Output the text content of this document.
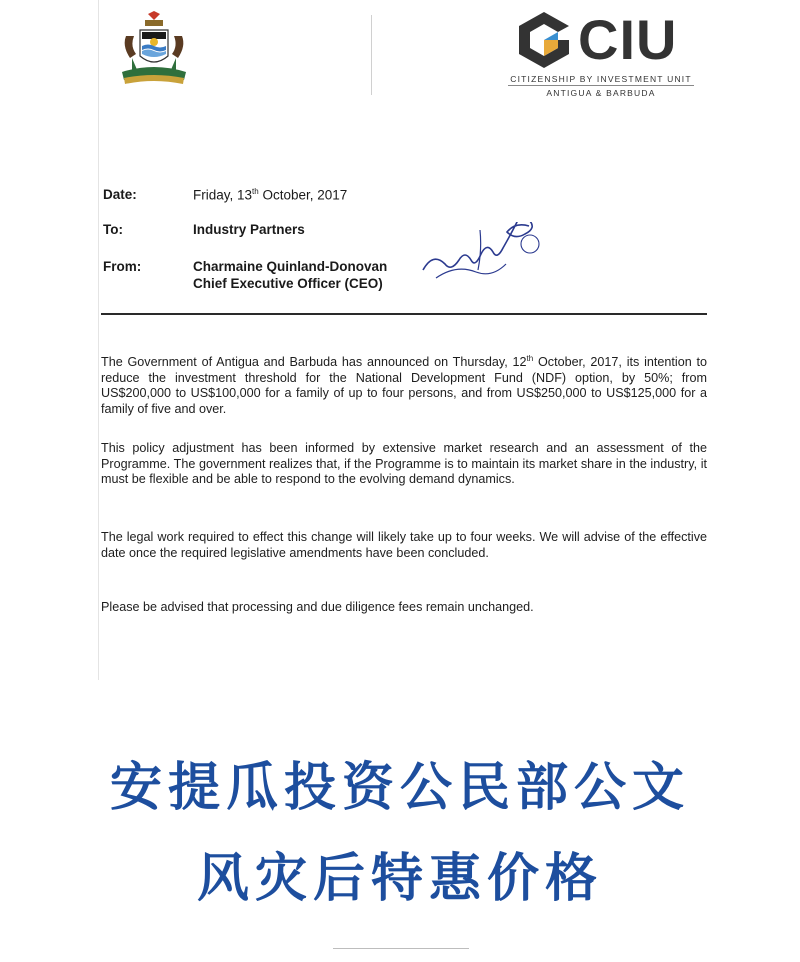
CIU
CITIZENSHIP BY INVESTMENT UNIT
ANTIGUA & BARBUDA
Date:	Friday, 13th October, 2017
To:	Industry Partners
From:	Charmaine Quinland-Donovan
Chief Executive Officer (CEO)
The Government of Antigua and Barbuda has announced on Thursday, 12th October, 2017, its intention to reduce the investment threshold for the National Development Fund (NDF) option, by 50%; from US$200,000 to US$100,000 for a family of up to four persons, and from US$250,000 to US$125,000 for a family of five and over.
This policy adjustment has been informed by extensive market research and an assessment of the Programme. The government realizes that, if the Programme is to maintain its market share in the industry, it must be flexible and be able to respond to the evolving demand dynamics.
The legal work required to effect this change will likely take up to four weeks. We will advise of the effective date once the required legislative amendments have been concluded.
Please be advised that processing and due diligence fees remain unchanged.
安提瓜投资公民部公文
风灾后特惠价格
